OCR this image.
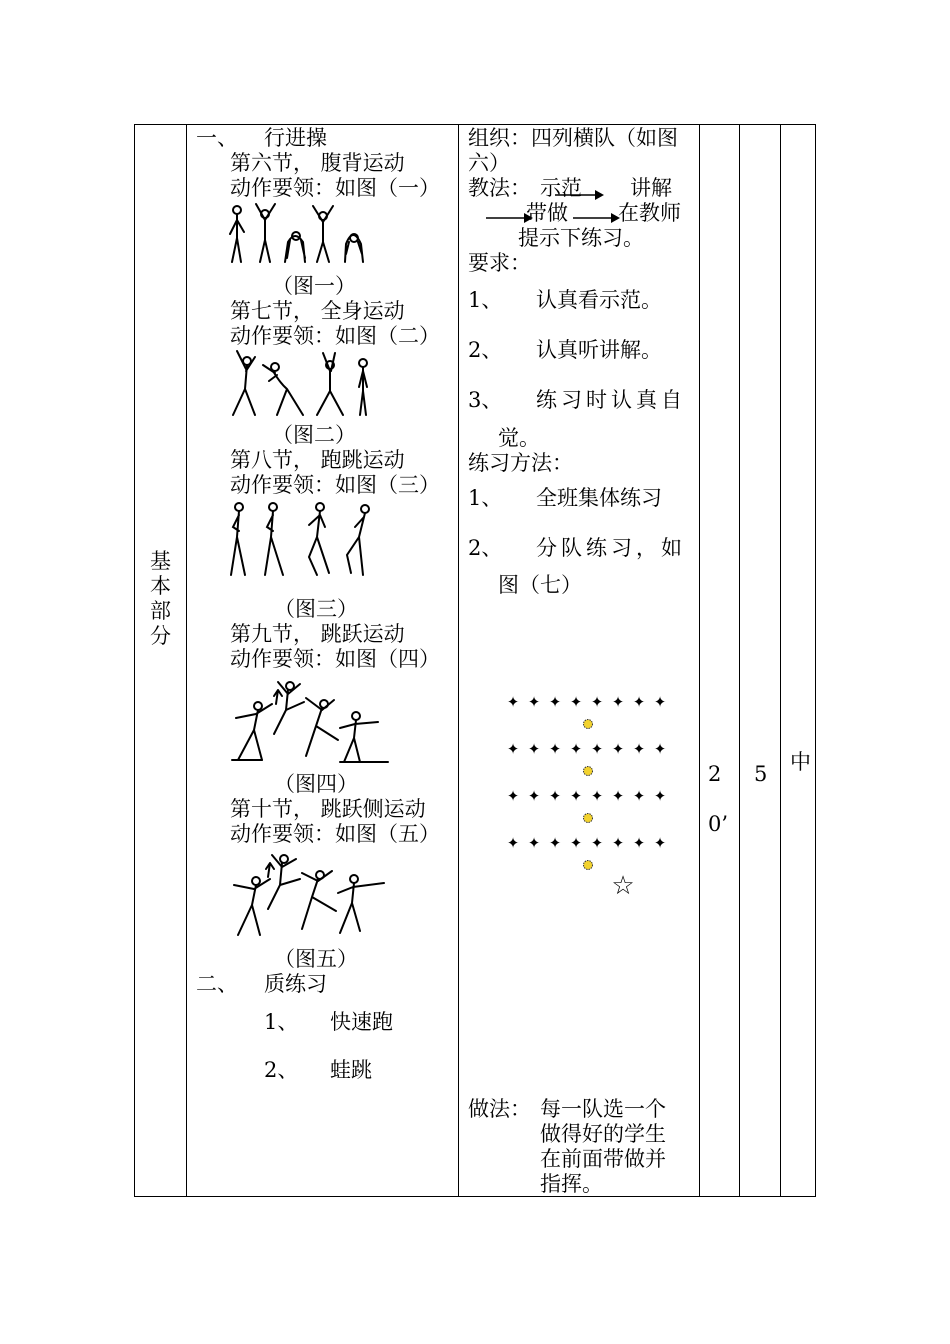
基
本
部
分
一、 行进操
第六节， 腹背运动
动作要领：如图（一）
（图一）
第七节， 全身运动
动作要领：如图（二）
（图二）
第八节， 跑跳运动
动作要领：如图（三）
（图三）
第九节， 跳跃运动
动作要领：如图（四）
（图四）
第十节， 跳跃侧运动
动作要领：如图（五）
（图五）
二、 质练习
1、 快速跑
2、 蛙跳
组织：四列横队（如图
六）
教法： 示范 讲解
带做 在教师
提示下练习。
要求：
1、 认真看示范。
2、 认真听讲解。
3、 练习时认真自
觉。
练习方法：
1、 全班集体练习
2、 分队练习，如
图（七）
✦ ✦ ✦ ✦ ✦ ✦ ✦ ✦
✦ ✦ ✦ ✦ ✦ ✦ ✦ ✦
✦ ✦ ✦ ✦ ✦ ✦ ✦ ✦
✦ ✦ ✦ ✦ ✦ ✦ ✦ ✦
☆
做法： 每一队选一个
做得好的学生
在前面带做并
指挥。
2
0’
5 中
